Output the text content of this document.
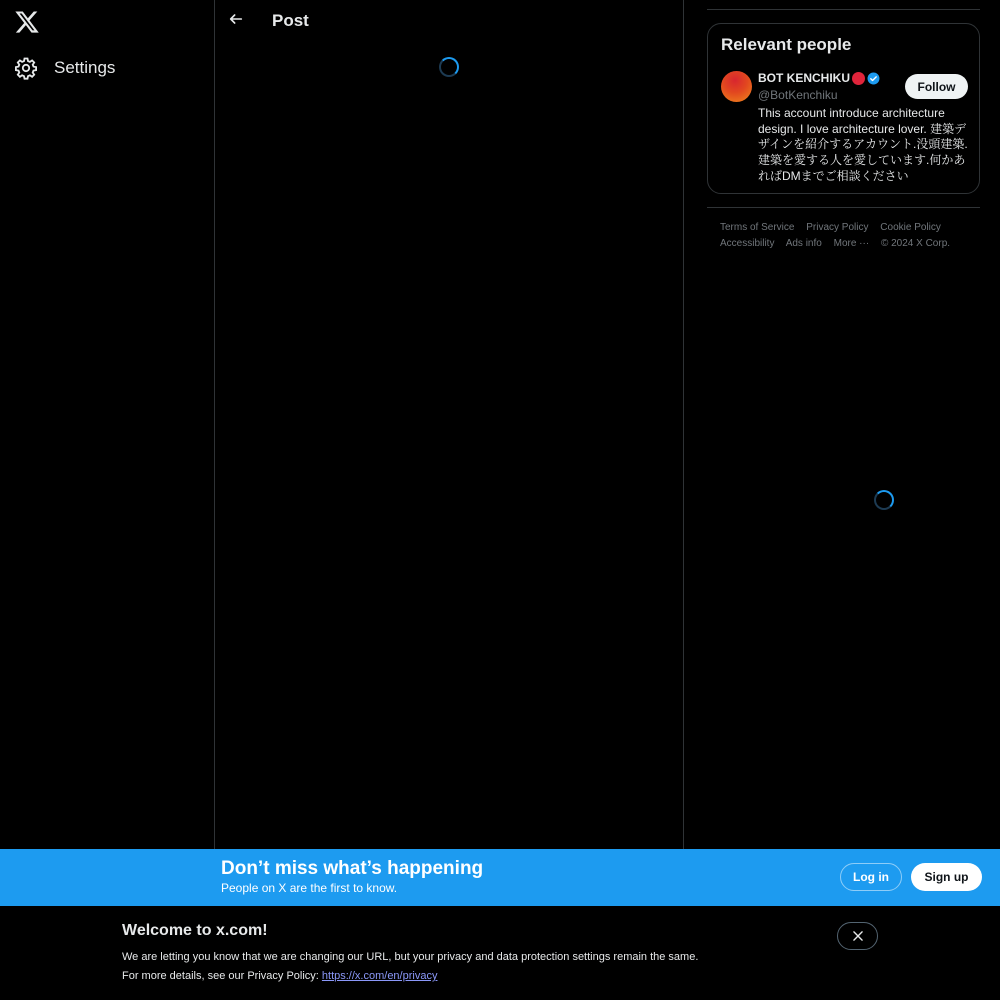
Settings
Post
Relevant people
BOT KENCHIKU
@BotKenchiku
This account introduce architecture design. I love architecture lover. 建築デザインを紹介するアカウント.没頭建築.建築を愛する人を愛しています.何かあればDMまでご相談ください
Follow
Terms of Service Privacy Policy Cookie Policy
Accessibility Ads info More ··· © 2024 X Corp.
Don’t miss what’s happening
People on X are the first to know.
Log in	Sign up
Welcome to x.com!
We are letting you know that we are changing our URL, but your privacy and data protection settings remain the same.
For more details, see our Privacy Policy: https://x.com/en/privacy
